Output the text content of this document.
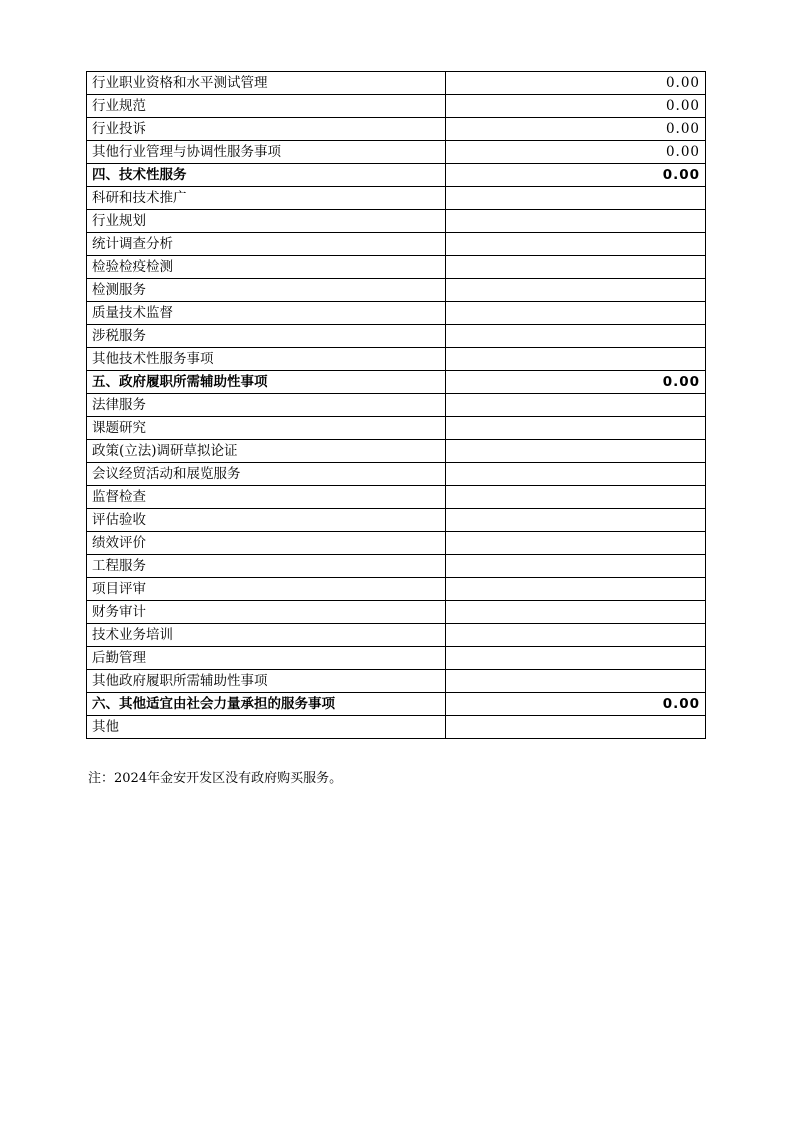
行业职业资格和水平测试管理	0.00
行业规范	0.00
行业投诉	0.00
其他行业管理与协调性服务事项	0.00
四、技术性服务	0.00
科研和技术推广	
行业规划	
统计调查分析	
检验检疫检测	
检测服务	
质量技术监督	
涉税服务	
其他技术性服务事项	
五、政府履职所需辅助性事项	0.00
法律服务	
课题研究	
政策(立法)调研草拟论证	
会议经贸活动和展览服务	
监督检查	
评估验收	
绩效评价	
工程服务	
项目评审	
财务审计	
技术业务培训	
后勤管理	
其他政府履职所需辅助性事项	
六、其他适宜由社会力量承担的服务事项	0.00
其他	
注：2024年金安开发区没有政府购买服务。
